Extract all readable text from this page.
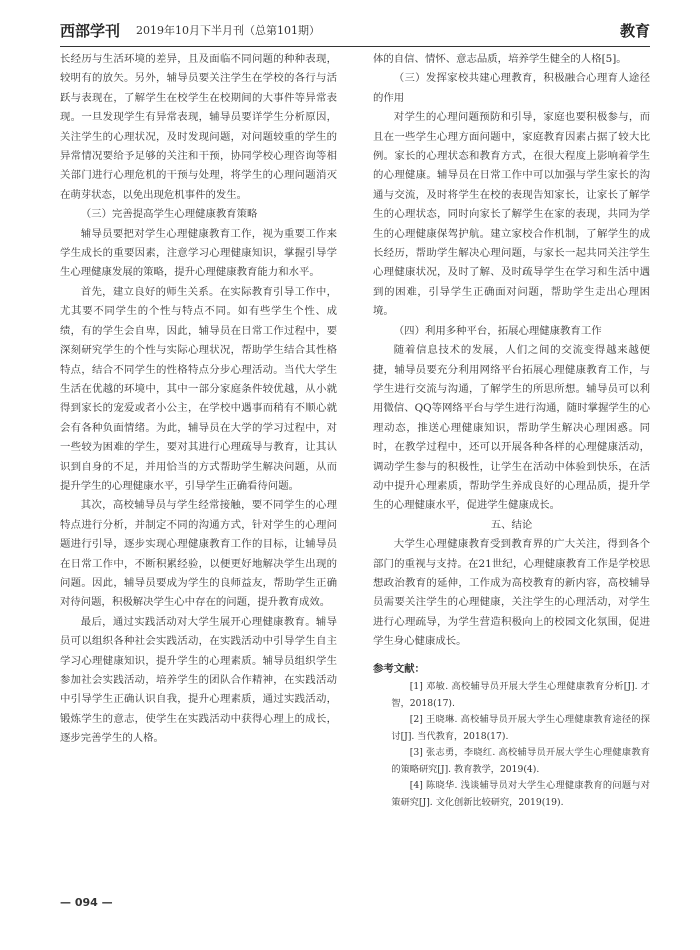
西部学刊 2019年10月下半月刊（总第101期）	教育

长经历与生活环境的差异，且及面临不同问题的种种表现，较明有的放矢。另外，辅导员要关注学生在学校的各行与活跃与表现在，了解学生在校学生在校期间的大事件等异常表现。一旦发现学生有异常表现，辅导员要详学生分析原因，关注学生的心理状况，及时发现问题，对问题较重的学生的异常情况要给予足够的关注和干预，协同学校心理咨询等相关部门进行心理危机的干预与处理，将学生的心理问题消灭在萌芽状态，以免出现危机事件的发生。

（三）完善提高学生心理健康教育策略

辅导员要把对学生心理健康教育工作，视为重要工作来学生成长的重要因素，注意学习心理健康知识，掌握引导学生心理健康发展的策略，提升心理健康教育能力和水平。

首先，建立良好的师生关系。在实际教育引导工作中，尤其要不同学生的个性与特点不同。如有些学生个性、成绩，有的学生会自卑，因此，辅导员在日常工作过程中，要深刻研究学生的个性与实际心理状况，帮助学生结合其性格特点，结合不同学生的性格特点分步心理活动。当代大学生生活在优越的环境中，其中一部分家庭条件较优越，从小就得到家长的宠爱或者小公主，在学校中遇事而稍有不顺心就会有各种负面情绪。为此，辅导员在大学的学习过程中，对一些较为困难的学生，要对其进行心理疏导与教育，让其认识到自身的不足，并用恰当的方式帮助学生解决问题，从而提升学生的心理健康水平，引导学生正确看待问题。

其次，高校辅导员与学生经常接触，要不同学生的心理特点进行分析，并制定不同的沟通方式，针对学生的心理问题进行引导，逐步实现心理健康教育工作的目标，让辅导员在日常工作中，不断积累经验，以便更好地解决学生出现的问题。因此，辅导员要成为学生的良师益友，帮助学生正确对待问题，积极解决学生心中存在的问题，提升教育成效。

最后，通过实践活动对大学生展开心理健康教育。辅导员可以组织各种社会实践活动，在实践活动中引导学生自主学习心理健康知识，提升学生的心理素质。辅导员组织学生参加社会实践活动，培养学生的团队合作精神，在实践活动中引导学生正确认识自我，提升心理素质，通过实践活动，锻炼学生的意志，使学生在实践活动中获得心理上的成长，逐步完善学生的人格。

体的自信、情怀、意志品质，培养学生健全的人格[5]。

（三）发挥家校共建心理教育，积极融合心理育人途径的作用

对学生的心理问题预防和引导，家庭也要积极参与，而且在一些学生心理方面问题中，家庭教育因素占据了较大比例。家长的心理状态和教育方式，在很大程度上影响着学生的心理健康。辅导员在日常工作中可以加强与学生家长的沟通与交流，及时将学生在校的表现告知家长，让家长了解学生的心理状态，同时向家长了解学生在家的表现，共同为学生的心理健康保驾护航。建立家校合作机制，了解学生的成长经历，帮助学生解决心理问题，与家长一起共同关注学生心理健康状况，及时了解、及时疏导学生在学习和生活中遇到的困难，引导学生正确面对问题，帮助学生走出心理困境。

（四）利用多种平台，拓展心理健康教育工作

随着信息技术的发展，人们之间的交流变得越来越便捷，辅导员要充分利用网络平台拓展心理健康教育工作，与学生进行交流与沟通，了解学生的所思所想。辅导员可以利用微信、QQ等网络平台与学生进行沟通，随时掌握学生的心理动态，推送心理健康知识，帮助学生解决心理困惑。同时，在教学过程中，还可以开展各种各样的心理健康活动，调动学生参与的积极性，让学生在活动中体验到快乐，在活动中提升心理素质，帮助学生养成良好的心理品质，提升学生的心理健康水平，促进学生健康成长。

五、结论

大学生心理健康教育受到教育界的广大关注，得到各个部门的重视与支持。在21世纪，心理健康教育工作是学校思想政治教育的延伸，工作成为高校教育的新内容，高校辅导员需要关注学生的心理健康，关注学生的心理活动，对学生进行心理疏导，为学生营造积极向上的校园文化氛围，促进学生身心健康成长。

参考文献：

[1] 邓敏. 高校辅导员开展大学生心理健康教育分析[J]. 才智，2018(17).

[2] 王晓琳. 高校辅导员开展大学生心理健康教育途径的探讨[J]. 当代教育，2018(17).

[3] 张志勇，李晓红. 高校辅导员开展大学生心理健康教育的策略研究[J]. 教育教学，2019(4).

[4] 陈晓华. 浅谈辅导员对大学生心理健康教育的问题与对策研究[J]. 文化创新比较研究，2019(19).

— 094 —
